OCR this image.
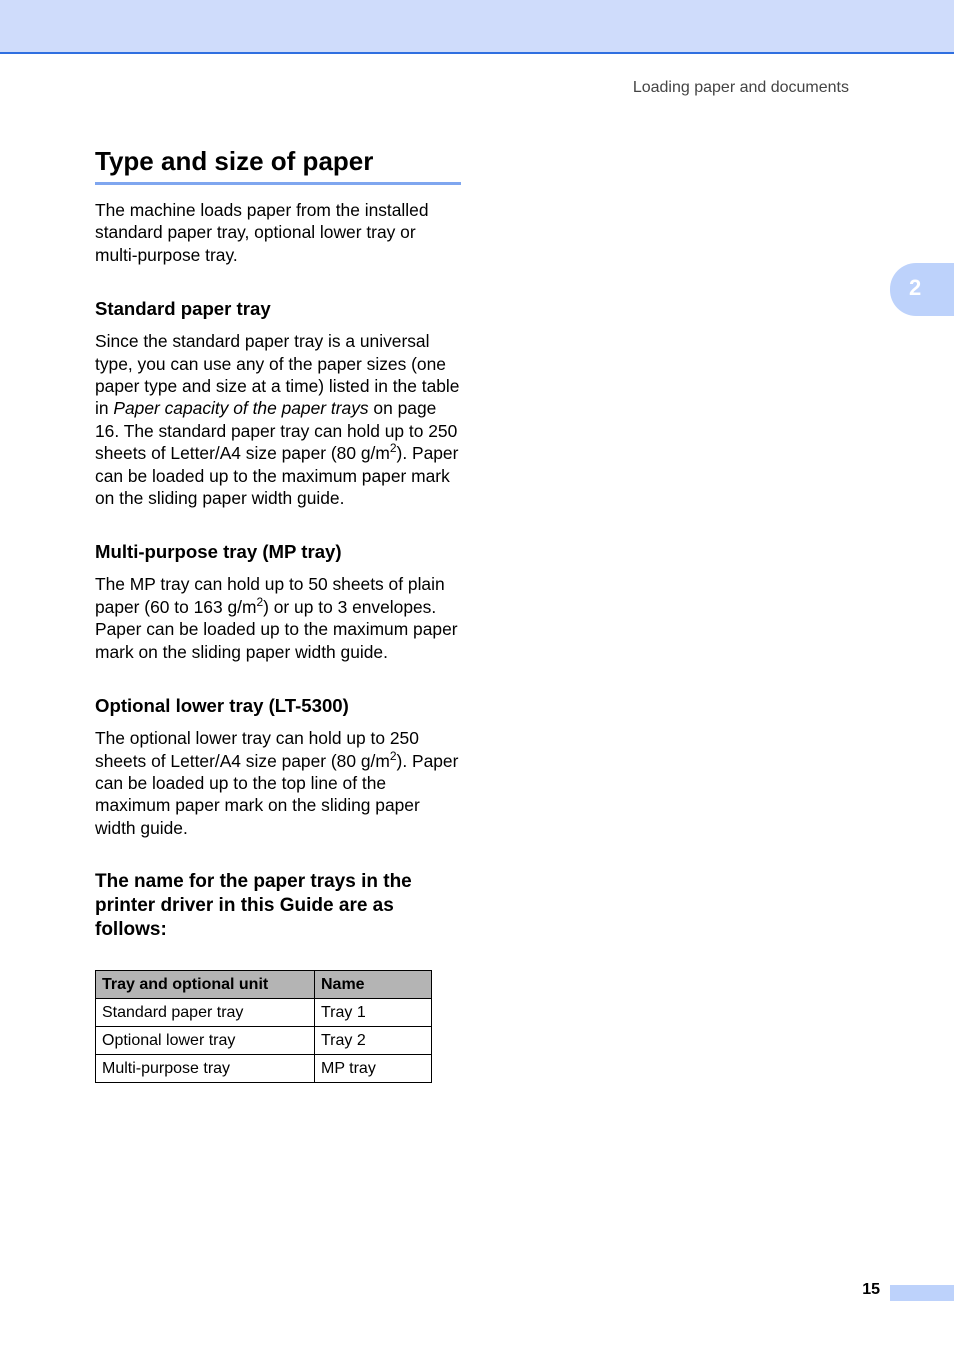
Loading paper and documents
2
Type and size of paper

The machine loads paper from the installed standard paper tray, optional lower tray or multi-purpose tray.

Standard paper tray

Since the standard paper tray is a universal type, you can use any of the paper sizes (one paper type and size at a time) listed in the table in Paper capacity of the paper trays on page 16. The standard paper tray can hold up to 250 sheets of Letter/A4 size paper (80 $g/m^2$). Paper can be loaded up to the maximum paper mark on the sliding paper width guide.

Multi-purpose tray (MP tray)

The MP tray can hold up to 50 sheets of plain paper (60 to 163 $g/m^2$) or up to 3 envelopes. Paper can be loaded up to the maximum paper mark on the sliding paper width guide.

Optional lower tray (LT-5300)

The optional lower tray can hold up to 250 sheets of Letter/A4 size paper (80 $g/m^2$). Paper can be loaded up to the top line of the maximum paper mark on the sliding paper width guide.

The name for the paper trays in the printer driver in this Guide are as follows:
Tray and optional unit	Name
Standard paper tray	Tray 1
Optional lower tray	Tray 2
Multi-purpose tray	MP tray
15
